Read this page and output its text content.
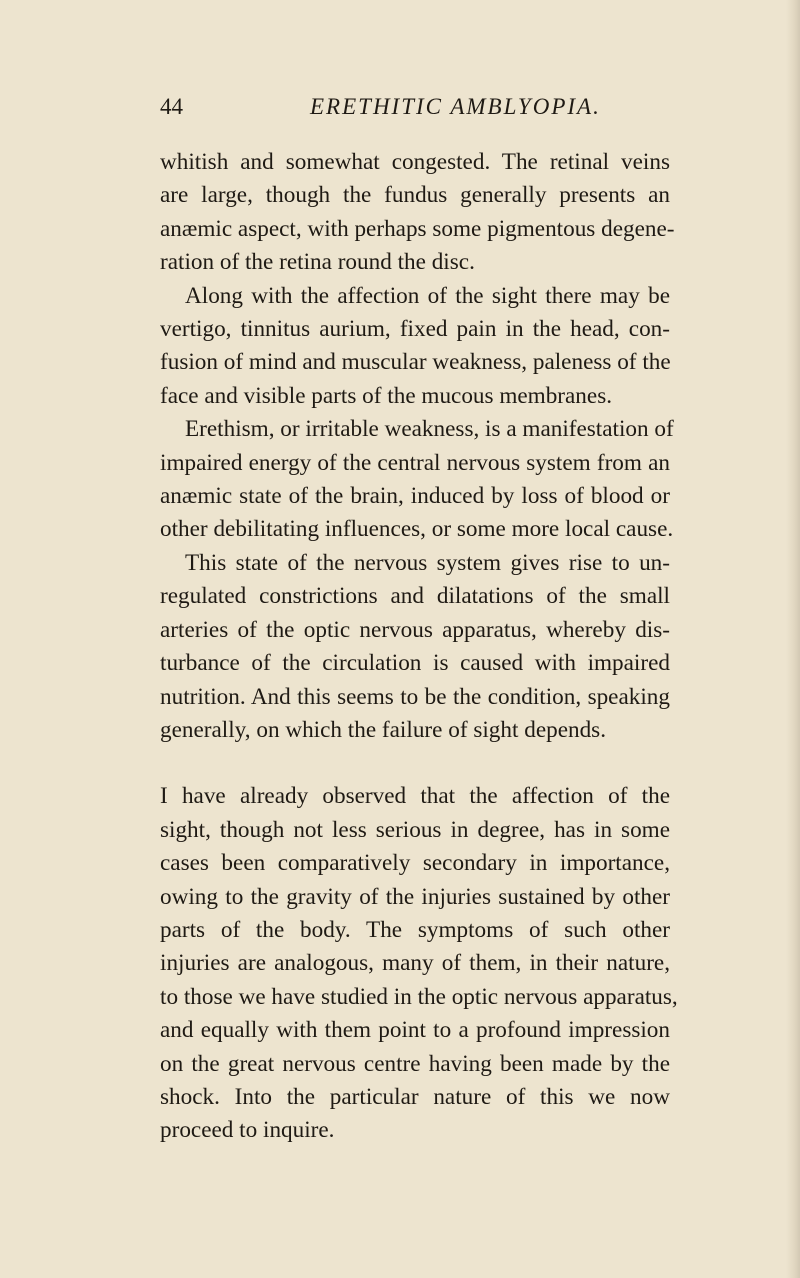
44	ERETHITIC AMBLYOPIA.
whitish and somewhat congested. The retinal veins
are large, though the fundus generally presents an
anæmic aspect, with perhaps some pigmentous degene-
ration of the retina round the disc.
Along with the affection of the sight there may be
vertigo, tinnitus aurium, fixed pain in the head, con-
fusion of mind and muscular weakness, paleness of the
face and visible parts of the mucous membranes.
Erethism, or irritable weakness, is a manifestation of
impaired energy of the central nervous system from an
anæmic state of the brain, induced by loss of blood or
other debilitating influences, or some more local cause.
This state of the nervous system gives rise to un-
regulated constrictions and dilatations of the small
arteries of the optic nervous apparatus, whereby dis-
turbance of the circulation is caused with impaired
nutrition. And this seems to be the condition, speaking
generally, on which the failure of sight depends.
I have already observed that the affection of the
sight, though not less serious in degree, has in some
cases been comparatively secondary in importance,
owing to the gravity of the injuries sustained by other
parts of the body. The symptoms of such other
injuries are analogous, many of them, in their nature,
to those we have studied in the optic nervous apparatus,
and equally with them point to a profound impression
on the great nervous centre having been made by the
shock. Into the particular nature of this we now
proceed to inquire.
